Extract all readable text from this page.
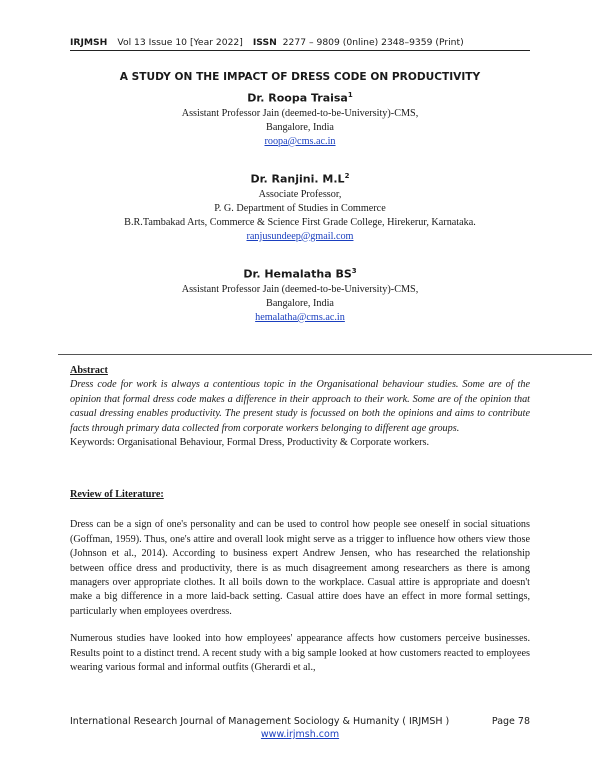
IRJMSH Vol 13 Issue 10 [Year 2022] ISSN 2277 – 9809 (0nline) 2348–9359 (Print)
A STUDY ON THE IMPACT OF DRESS CODE ON PRODUCTIVITY
Dr. Roopa Traisa$^1$
Assistant Professor Jain (deemed-to-be-University)-CMS,
Bangalore, India
roopa@cms.ac.in
Dr. Ranjini. $M.L^2$
Associate Professor,
P. G. Department of Studies in Commerce
B.R.Tambakad Arts, Commerce & Science First Grade College, Hirekerur, Karnataka.
ranjusundeep@gmail.com
Dr. Hemalatha $BS^3$
Assistant Professor Jain (deemed-to-be-University)-CMS,
Bangalore, India
hemalatha@cms.ac.in
Abstract
Dress code for work is always a contentious topic in the Organisational behaviour studies. Some are of the opinion that formal dress code makes a difference in their approach to their work. Some are of the opinion that casual dressing enables productivity. The present study is focussed on both the opinions and aims to contribute facts through primary data collected from corporate workers belonging to different age groups.
Keywords: Organisational Behaviour, Formal Dress, Productivity & Corporate workers.
Review of Literature:
Dress can be a sign of one's personality and can be used to control how people see oneself in social situations (Goffman, 1959). Thus, one's attire and overall look might serve as a trigger to influence how others view those (Johnson et al., 2014). According to business expert Andrew Jensen, who has researched the relationship between office dress and productivity, there is as much disagreement among researchers as there is among managers over appropriate clothes. It all boils down to the workplace. Casual attire is appropriate and doesn't make a big difference in a more laid-back setting. Casual attire does have an effect in more formal settings, particularly when employees overdress.
Numerous studies have looked into how employees' appearance affects how customers perceive businesses. Results point to a distinct trend. A recent study with a big sample looked at how customers reacted to employees wearing various formal and informal outfits (Gherardi et al.,
International Research Journal of Management Sociology & Humanity ( IRJMSH )	Page 78
www.irjmsh.com
